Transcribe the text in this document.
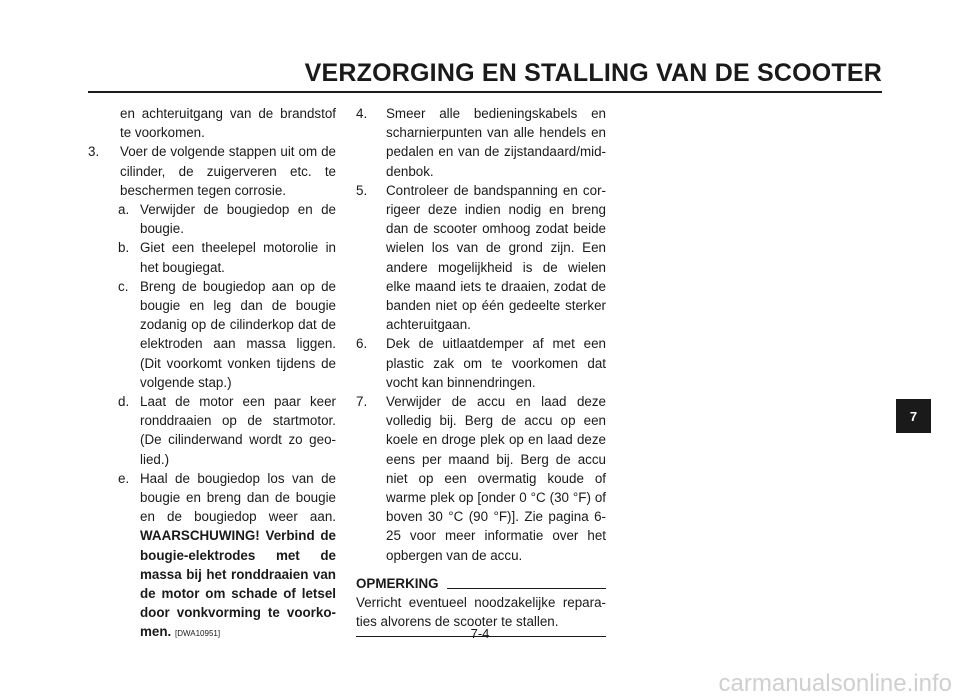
VERZORGING EN STALLING VAN DE SCOOTER
en achteruitgang van de brandstof te voorkomen.
3.	Voer de volgende stappen uit om de cilinder, de zuigerveren etc. te beschermen tegen corrosie.
a. Verwijder de bougiedop en de bougie.
b. Giet een theelepel motorolie in het bougiegat.
c. Breng de bougiedop aan op de bougie en leg dan de bougie zodanig op de cilinderkop dat de elektroden aan massa liggen. (Dit voorkomt vonken tijdens de volgende stap.)
d. Laat de motor een paar keer ronddraaien op de startmotor. (De cilinderwand wordt zo geolied.)
e. Haal de bougiedop los van de bougie en breng dan de bougie en de bougiedop weer aan. WAARSCHUWING! Verbind de bougie-elektrodes met de massa bij het ronddraaien van de motor om schade of letsel door vonkvorming te voorkomen. [DWA10951]
4.	Smeer alle bedieningskabels en scharnierpunten van alle hendels en pedalen en van de zijstandaard/middenbok.
5.	Controleer de bandspanning en corrigeer deze indien nodig en breng dan de scooter omhoog zodat beide wielen los van de grond zijn. Een andere mogelijkheid is de wielen elke maand iets te draaien, zodat de banden niet op één gedeelte sterker achteruitgaan.
6.	Dek de uitlaatdemper af met een plastic zak om te voorkomen dat vocht kan binnendringen.
7.	Verwijder de accu en laad deze volledig bij. Berg de accu op een koele en droge plek op en laad deze eens per maand bij. Berg de accu niet op een overmatig koude of warme plek op [onder 0 °C (30 °F) of boven 30 °C (90 °F)]. Zie pagina 6-25 voor meer informatie over het opbergen van de accu.
OPMERKING
Verricht eventueel noodzakelijke reparaties alvorens de scooter te stallen.
7
7-4
carmanualsonline.info
